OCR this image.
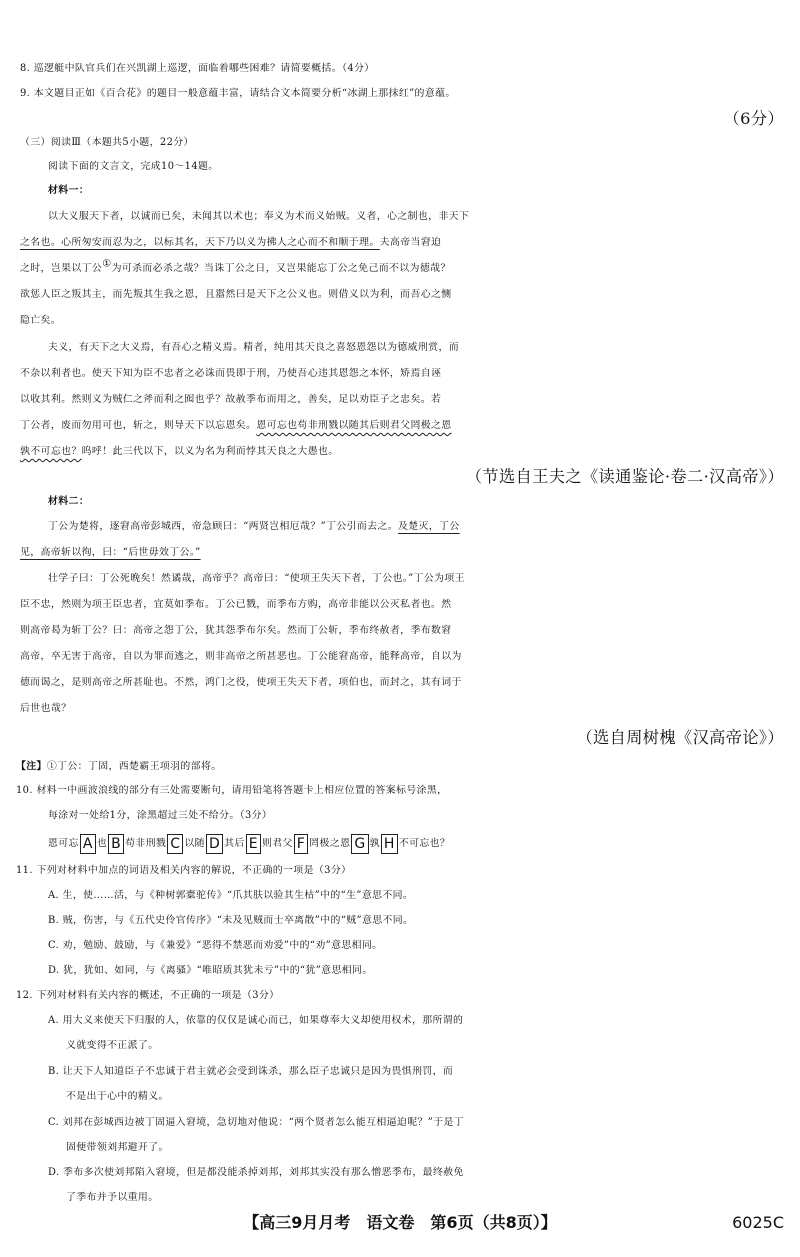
8. 巡逻艇中队官兵们在兴凯湖上巡逻，面临着哪些困难？请简要概括。（4分）
9. 本文题目正如《百合花》的题目一般意蕴丰富，请结合文本简要分析“冰湖上那抹红”的意蕴。
（6分）
（三）阅读Ⅲ（本题共5小题，22分）
阅读下面的文言文，完成10～14题。
材料一：
以大义服天下者，以诚而已矣，未闻其以术也；奉义为术而义始贼。义者，心之制也，非天下
之名也。心所匆安而忍为之，以标其名，天下乃以义为拂人之心而不和顺于理。夫高帝当窘迫
之时，岂果以丁公①为可杀而必杀之哉？当诛丁公之日，又岂果能忘丁公之免己而不以为德哉？
欲惩人臣之叛其主，而先叛其生我之恩，且嚣然曰是天下之公义也。则借义以为利，而吾心之恻
隐亡矣。
夫义，有天下之大义焉，有吾心之精义焉。精者，纯用其天良之喜怒恩怨以为德威刑赏，而
不杂以利者也。使天下知为臣不忠者之必诛而畏即于刑，乃使吾心违其恩怨之本怀，矫焉自诬
以收其利。然则义为贼仁之斧而利之囮也乎？故赦季布而用之，善矣，足以劝臣子之忠矣。若
丁公者，废而勿用可也，斩之，则导天下以忘恩矣。恩可忘也苟非刑戮以随其后则君父罔极之恩
孰不可忘也？呜呼！此三代以下，以义为名为利而悖其天良之大愚也。
（节选自王夫之《读通鉴论·卷二·汉高帝》）
材料二：
丁公为楚将，逐窘高帝彭城西，帝急顾曰：“两贤岂相厄哉？”丁公引而去之。及楚灭，丁公
见，高帝斩以徇，曰：“后世毋效丁公。”
壮学子曰：丁公死晚矣！然谲哉，高帝乎？高帝曰：“使项王失天下者，丁公也。”丁公为项王
臣不忠，然则为项王臣忠者，宜莫如季布。丁公已戮，而季布方购，高帝非能以公灭私者也。然
则高帝曷为斩丁公？曰：高帝之怨丁公，犹其怨季布尔矣。然而丁公斩，季布终赦者，季布数窘
高帝，卒无害于高帝，自以为罪而逃之，则非高帝之所甚恶也。丁公能窘高帝，能释高帝，自以为
德而谒之，是则高帝之所甚耻也。不然，鸿门之役，使项王失天下者，项伯也，而封之，其有词于
后世也哉？
（选自周树槐《汉高帝论》）
【注】①丁公：丁固，西楚霸王项羽的部将。
10. 材料一中画波浪线的部分有三处需要断句，请用铅笔将答题卡上相应位置的答案标号涂黑，
每涂对一处给1分，涂黑超过三处不给分。（3分）
恩可忘 A 也 B 苟非刑戮 C 以随 D 其后 E 则君父 F 罔极之恩 G 孰 H 不可忘也？
11. 下列对材料中加点的词语及相关内容的解说，不正确的一项是（3分）
A. 生，使……活，与《种树郭橐驼传》“爪其肤以验其生枯”中的“生”意思不同。
B. 贼，伤害，与《五代史伶官传序》“未及见贼而士卒离散”中的“贼”意思不同。
C. 劝，勉励、鼓励，与《兼爱》“恶得不禁恶而劝爱”中的“劝”意思相同。
D. 犹，犹如、如同，与《离骚》“唯昭质其犹未亏”中的“犹”意思相同。
12. 下列对材料有关内容的概述，不正确的一项是（3分）
A. 用大义来使天下归服的人，依靠的仅仅是诚心而已，如果尊奉大义却使用权术，那所谓的
义就变得不正派了。
B. 让天下人知道臣子不忠诚于君主就必会受到诛杀，那么臣子忠诚只是因为畏惧刑罚，而
不是出于心中的精义。
C. 刘邦在彭城西边被丁固逼入窘境，急切地对他说：“两个贤者怎么能互相逼迫呢？”于是丁
固便带领刘邦避开了。
D. 季布多次使刘邦陷入窘境，但是都没能杀掉刘邦，刘邦其实没有那么憎恶季布，最终赦免
了季布并予以重用。
【高三9月月考　语文卷　第6页（共8页）】	6025C
